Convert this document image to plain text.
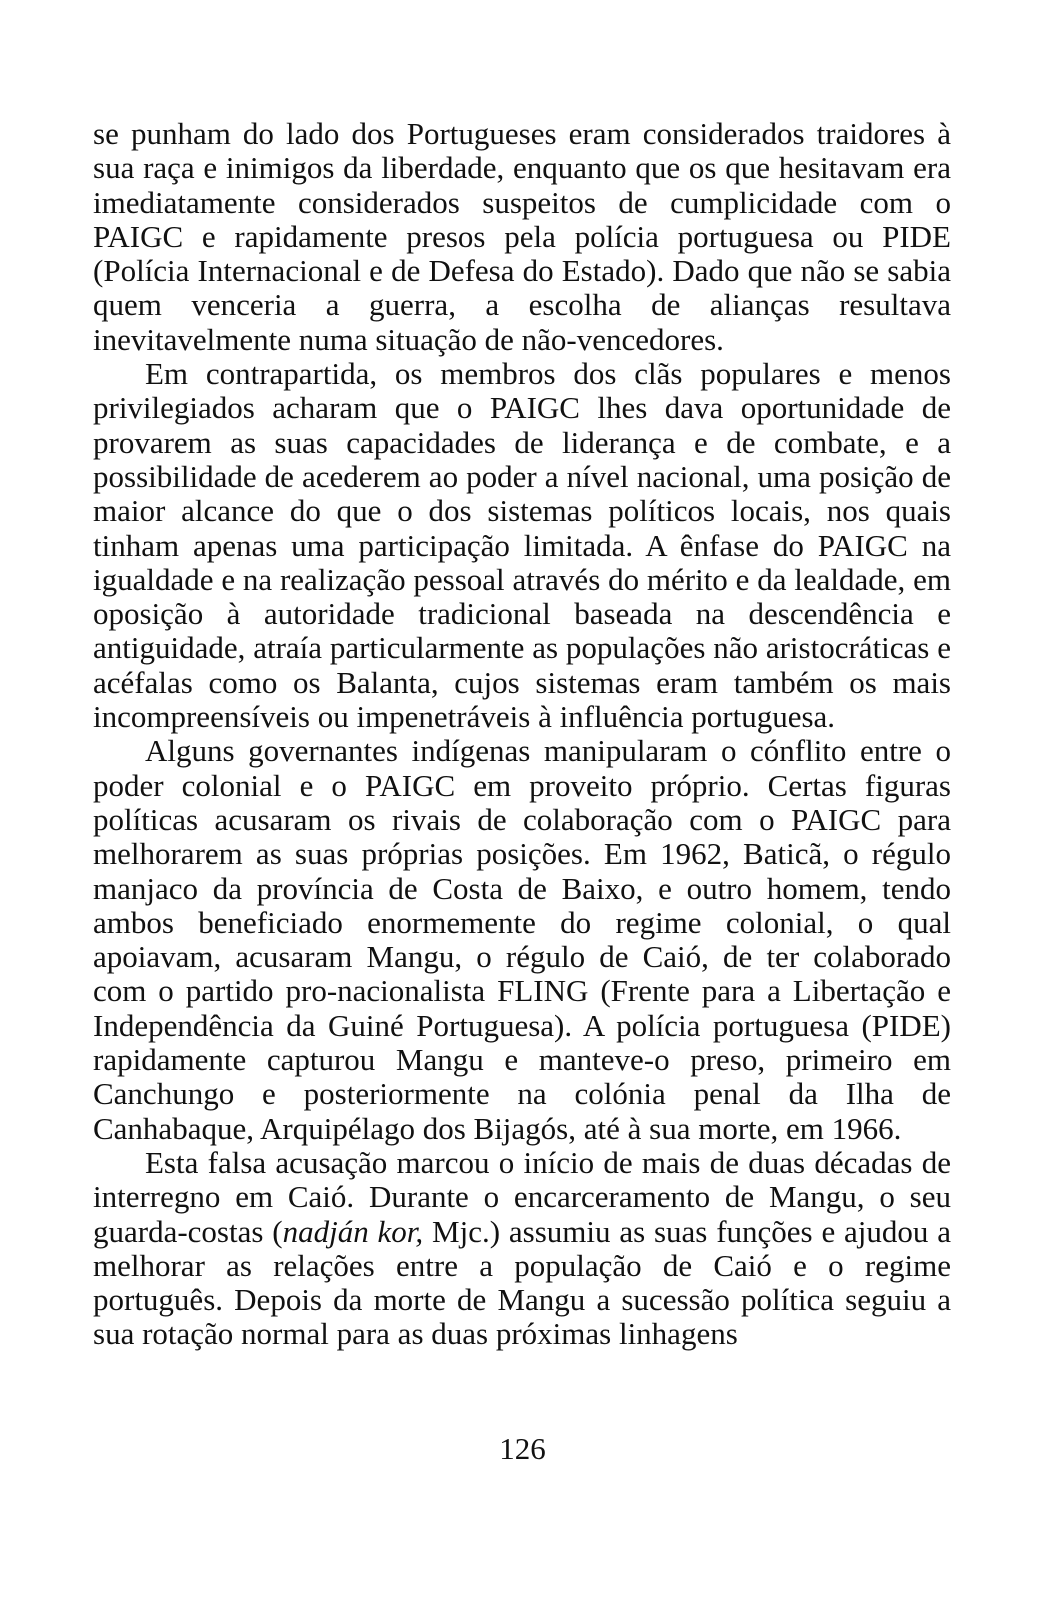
se punham do lado dos Portugueses eram considerados traidores à sua raça e inimigos da liberdade, enquanto que os que hesitavam era imediatamente considerados suspeitos de cumplicidade com o PAIGC e rapidamente presos pela polícia portuguesa ou PIDE (Polícia Internacional e de Defesa do Estado). Dado que não se sabia quem venceria a guerra, a escolha de alianças resultava inevitavelmente numa situação de não-vencedores.

Em contrapartida, os membros dos clãs populares e menos privilegiados acharam que o PAIGC lhes dava oportunidade de provarem as suas capacidades de liderança e de combate, e a possibilidade de acederem ao poder a nível nacional, uma posição de maior alcance do que o dos sistemas políticos locais, nos quais tinham apenas uma participação limitada. A ênfase do PAIGC na igualdade e na realização pessoal através do mérito e da lealdade, em oposição à autoridade tradicional baseada na descendência e antiguidade, atraía particularmente as populações não aristocráticas e acéfalas como os Balanta, cujos sistemas eram também os mais incompreensíveis ou impenetráveis à influência portuguesa.

Alguns governantes indígenas manipularam o cónflito entre o poder colonial e o PAIGC em proveito próprio. Certas figuras políticas acusaram os rivais de colaboração com o PAIGC para melhorarem as suas próprias posições. Em 1962, Baticã, o régulo manjaco da província de Costa de Baixo, e outro homem, tendo ambos beneficiado enormemente do regime colonial, o qual apoiavam, acusaram Mangu, o régulo de Caió, de ter colaborado com o partido pro-nacionalista FLING (Frente para a Libertação e Independência da Guiné Portuguesa). A polícia portuguesa (PIDE) rapidamente capturou Mangu e manteve-o preso, primeiro em Canchungo e posteriormente na colónia penal da Ilha de Canhabaque, Arquipélago dos Bijagós, até à sua morte, em 1966.

Esta falsa acusação marcou o início de mais de duas décadas de interregno em Caió. Durante o encarceramento de Mangu, o seu guarda-costas (nadján kor, Mjc.) assumiu as suas funções e ajudou a melhorar as relações entre a população de Caió e o regime português. Depois da morte de Mangu a sucessão política seguiu a sua rotação normal para as duas próximas linhagens

126
